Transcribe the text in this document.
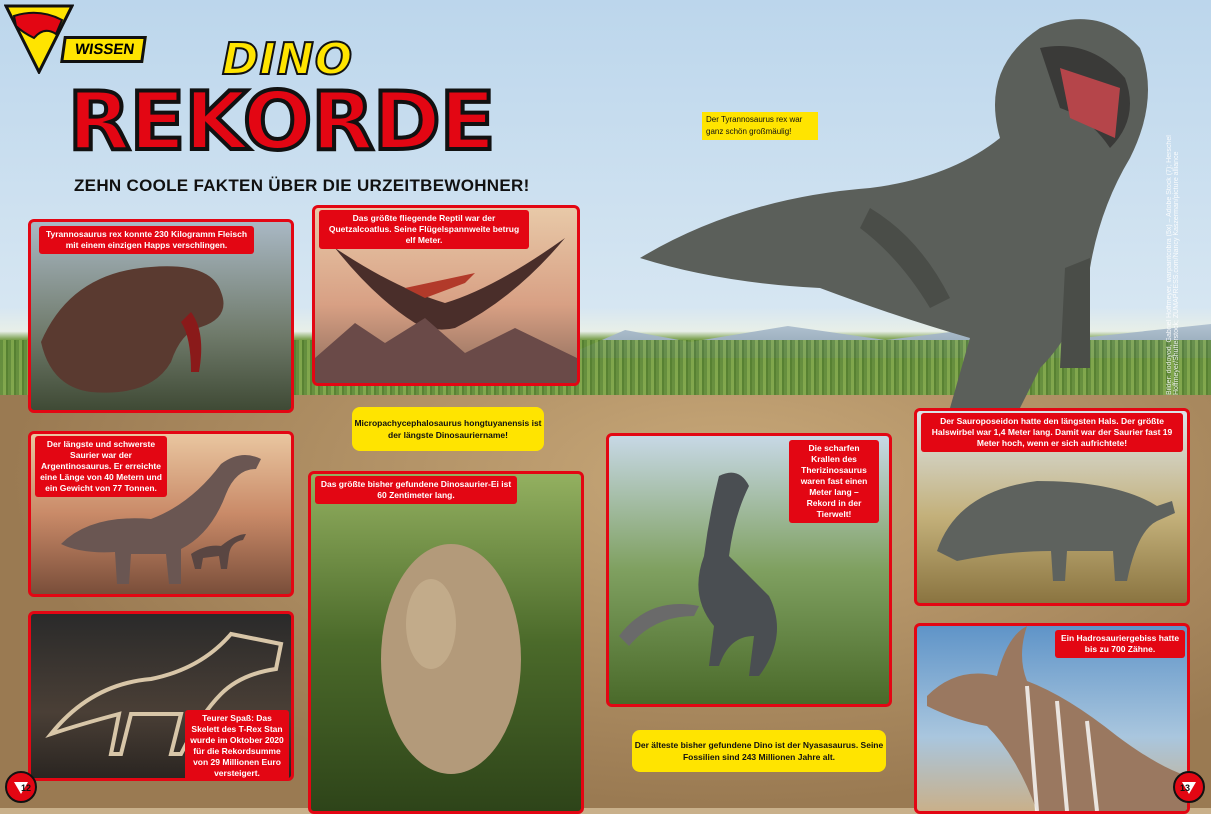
WISSEN DINO
REKORDE
ZEHN COOLE FAKTEN ÜBER DIE URZEITBEWOHNER!
Der Tyrannosaurus rex war ganz schön großmäulig!
Tyrannosaurus rex konnte 230 Kilogramm Fleisch mit einem einzigen Happs verschlingen.
Das größte fliegende Reptil war der Quetzalcoatlus. Seine Flügelspannweite betrug elf Meter.
Micropachycephalosaurus hongtuyanensis ist der längste Dinosauriername!
Der längste und schwerste Saurier war der Argentinosaurus. Er erreichte eine Länge von 40 Metern und ein Gewicht von 77 Tonnen.	Das größte bisher gefundene Dinosaurier-Ei ist 60 Zentimeter lang.
Teurer Spaß: Das Skelett des T-Rex Stan wurde im Oktober 2020 für die Rekordsumme von 29 Millionen Euro versteigert.
Die scharfen Krallen des Therizinosaurus waren fast einen Meter lang – Rekord in der Tierwelt!
Der älteste bisher gefundene Dino ist der Nyasasaurus. Seine Fossilien sind 243 Millionen Jahre alt.
Der Sauroposeidon hatte den längsten Hals. Der größte Halswirbel war 1,4 Meter lang. Damit war der Saurier fast 19 Meter hoch, wenn er sich aufrichtete!
Ein Hadrosauriergebiss hatte bis zu 700 Zähne.
Bilder: dodoyod, Gabriel Hoffmeyer, warpaintcobra (5x) – Adobe Stock (7); Herschel Hoffmeyer/Shutterstock; ZUMAPRESS.com/Nancy Kaszerman/picture alliance
12	13
